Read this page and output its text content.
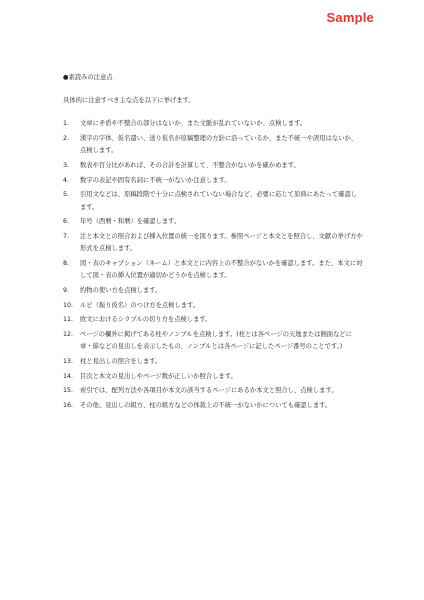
Sample

●素読みの注意点

具体的に注意すべき主な点を以下に挙げます。

1.	文章に矛盾や不整合の部分はないか、また文脈が乱れていないか、点検します。
2.	漢字の字体、仮名遣い、送り仮名が原稿整理の方針に沿っているか、また不統一や誤用はないか、点検します。
3.	数表や百分比があれば、その合計を計算して、不整合がないかを確かめます。
4.	数字の表記や固有名詞に不統一がないか注意します。
5.	引用文などは、原稿段階で十分に点検されていない場合など、必要に応じて原典にあたって確認します。
6.	年号（西暦・和暦）を確認します。
7.	注と本文との照合および挿入位置の統一を図ります。参照ページと本文とを照合し、文献の挙げ方や形式を点検します。
8.	図・表のキャプション（ネーム）と本文とに内容上の不整合がないかを確認します。また、本文に対して図・表の挿入位置が適切かどうかを点検します。
9.	約物の使い方を点検します。
10.	ルビ（振り仮名）のつけ方を点検します。
11.	欧文におけるシラブルの切り方を点検します。
12.	ページの欄外に掲げてある柱やノンブルを点検します。(柱とは各ページの天地または側面などに章・節などの見出しを表示したもの、ノンブルとは各ページに記したページ番号のことです。)
13.	柱と見出しの照合をします。
14.	目次と本文の見出しやページ数が正しいか照合します。
15.	索引では、配列方法や各項目が本文の該当するページにあるか本文と照合し、点検します。
16.	その他、見出しの組方、柱の組方などの体裁上の不統一がないかについても確認します。
